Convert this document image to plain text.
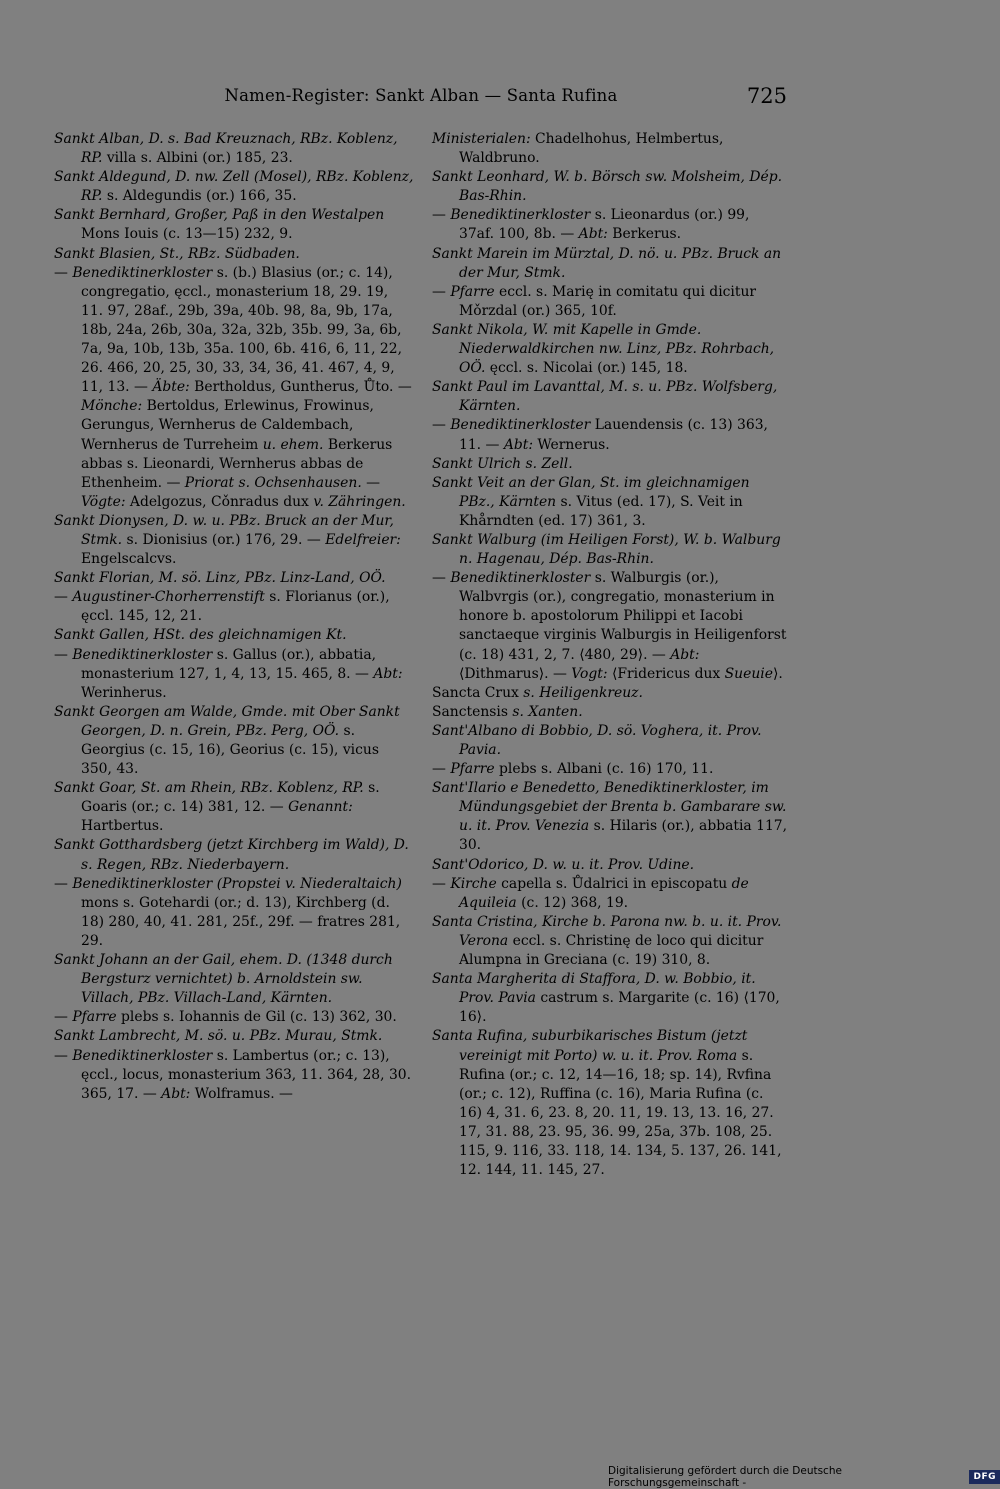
Namen-Register: Sankt Alban — Santa Rufina	725

Sankt Alban, D. s. Bad Kreuznach, RBz. Koblenz, RP. villa s. Albini (or.) 185, 23.

Sankt Aldegund, D. nw. Zell (Mosel), RBz. Koblenz, RP. s. Aldegundis (or.) 166, 35.

Sankt Bernhard, Großer, Paß in den Westalpen Mons Iouis (c. 13—15) 232, 9.

Sankt Blasien, St., RBz. Südbaden.

— Benediktinerkloster s. (b.) Blasius (or.; c. 14), congregatio, ęccl., monasterium 18, 29. 19, 11. 97, 28af., 29b, 39a, 40b. 98, 8a, 9b, 17a, 18b, 24a, 26b, 30a, 32a, 32b, 35b. 99, 3a, 6b, 7a, 9a, 10b, 13b, 35a. 100, 6b. 416, 6, 11, 22, 26. 466, 20, 25, 30, 33, 34, 36, 41. 467, 4, 9, 11, 13. — Äbte: Bertholdus, Guntherus, Ůto. — Mönche: Bertoldus, Erlewinus, Frowinus, Gerungus, Wernherus de Caldembach, Wernherus de Turreheim u. ehem. Berkerus abbas s. Lieonardi, Wernherus abbas de Ethenheim. — Priorat s. Ochsenhausen. — Vögte: Adelgozus, Cǒnradus dux v. Zähringen.

Sankt Dionysen, D. w. u. PBz. Bruck an der Mur, Stmk. s. Dionisius (or.) 176, 29. — Edelfreier: Engelscalcvs.

Sankt Florian, M. sö. Linz, PBz. Linz-Land, OÖ.

— Augustiner-Chorherrenstift s. Florianus (or.), ęccl. 145, 12, 21.

Sankt Gallen, HSt. des gleichnamigen Kt.

— Benediktinerkloster s. Gallus (or.), abbatia, monasterium 127, 1, 4, 13, 15. 465, 8. — Abt: Werinherus.

Sankt Georgen am Walde, Gmde. mit Ober Sankt Georgen, D. n. Grein, PBz. Perg, OÖ. s. Georgius (c. 15, 16), Georius (c. 15), vicus 350, 43.

Sankt Goar, St. am Rhein, RBz. Koblenz, RP. s. Goaris (or.; c. 14) 381, 12. — Genannt: Hartbertus.

Sankt Gotthardsberg (jetzt Kirchberg im Wald), D. s. Regen, RBz. Niederbayern.

— Benediktinerkloster (Propstei v. Niederaltaich) mons s. Gotehardi (or.; d. 13), Kirchberg (d. 18) 280, 40, 41. 281, 25f., 29f. — fratres 281, 29.

Sankt Johann an der Gail, ehem. D. (1348 durch Bergsturz vernichtet) b. Arnoldstein sw. Villach, PBz. Villach-Land, Kärnten.

— Pfarre plebs s. Iohannis de Gil (c. 13) 362, 30.

Sankt Lambrecht, M. sö. u. PBz. Murau, Stmk.

— Benediktinerkloster s. Lambertus (or.; c. 13), ęccl., locus, monasterium 363, 11. 364, 28, 30. 365, 17. — Abt: Wolframus. —

Ministerialen: Chadelhohus, Helmbertus, Waldbruno.

Sankt Leonhard, W. b. Börsch sw. Molsheim, Dép. Bas-Rhin.

— Benediktinerkloster s. Lieonardus (or.) 99, 37af. 100, 8b. — Abt: Berkerus.

Sankt Marein im Mürztal, D. nö. u. PBz. Bruck an der Mur, Stmk.

— Pfarre eccl. s. Marię in comitatu qui dicitur Mǒrzdal (or.) 365, 10f.

Sankt Nikola, W. mit Kapelle in Gmde. Niederwaldkirchen nw. Linz, PBz. Rohrbach, OÖ. ęccl. s. Nicolai (or.) 145, 18.

Sankt Paul im Lavanttal, M. s. u. PBz. Wolfsberg, Kärnten.

— Benediktinerkloster Lauendensis (c. 13) 363, 11. — Abt: Wernerus.

Sankt Ulrich s. Zell.

Sankt Veit an der Glan, St. im gleichnamigen PBz., Kärnten s. Vitus (ed. 17), S. Veit in Khårndten (ed. 17) 361, 3.

Sankt Walburg (im Heiligen Forst), W. b. Walburg n. Hagenau, Dép. Bas-Rhin.

— Benediktinerkloster s. Walburgis (or.), Walbvrgis (or.), congregatio, monasterium in honore b. apostolorum Philippi et Iacobi sanctaeque virginis Walburgis in Heiligenforst (c. 18) 431, 2, 7. ⟨480, 29⟩. — Abt: ⟨Dithmarus⟩. — Vogt: ⟨Fridericus dux Sueuie⟩.

Sancta Crux s. Heiligenkreuz.

Sanctensis s. Xanten.

Sant'Albano di Bobbio, D. sö. Voghera, it. Prov. Pavia.

— Pfarre plebs s. Albani (c. 16) 170, 11.

Sant'Ilario e Benedetto, Benediktinerkloster, im Mündungsgebiet der Brenta b. Gambarare sw. u. it. Prov. Venezia s. Hilaris (or.), abbatia 117, 30.

Sant'Odorico, D. w. u. it. Prov. Udine.

— Kirche capella s. Ůdalrici in episcopatu de Aquileia (c. 12) 368, 19.

Santa Cristina, Kirche b. Parona nw. b. u. it. Prov. Verona eccl. s. Christinę de loco qui dicitur Alumpna in Greciana (c. 19) 310, 8.

Santa Margherita di Staffora, D. w. Bobbio, it. Prov. Pavia castrum s. Margarite (c. 16) ⟨170, 16⟩.

Santa Rufina, suburbikarisches Bistum (jetzt vereinigt mit Porto) w. u. it. Prov. Roma s. Rufina (or.; c. 12, 14—16, 18; sp. 14), Rvfina (or.; c. 12), Ruffina (c. 16), Maria Rufina (c. 16) 4, 31. 6, 23. 8, 20. 11, 19. 13, 13. 16, 27. 17, 31. 88, 23. 95, 36. 99, 25a, 37b. 108, 25. 115, 9. 116, 33. 118, 14. 134, 5. 137, 26. 141, 12. 144, 11. 145, 27.

Digitalisierung gefördert durch die Deutsche Forschungsgemeinschaft -	DFG
